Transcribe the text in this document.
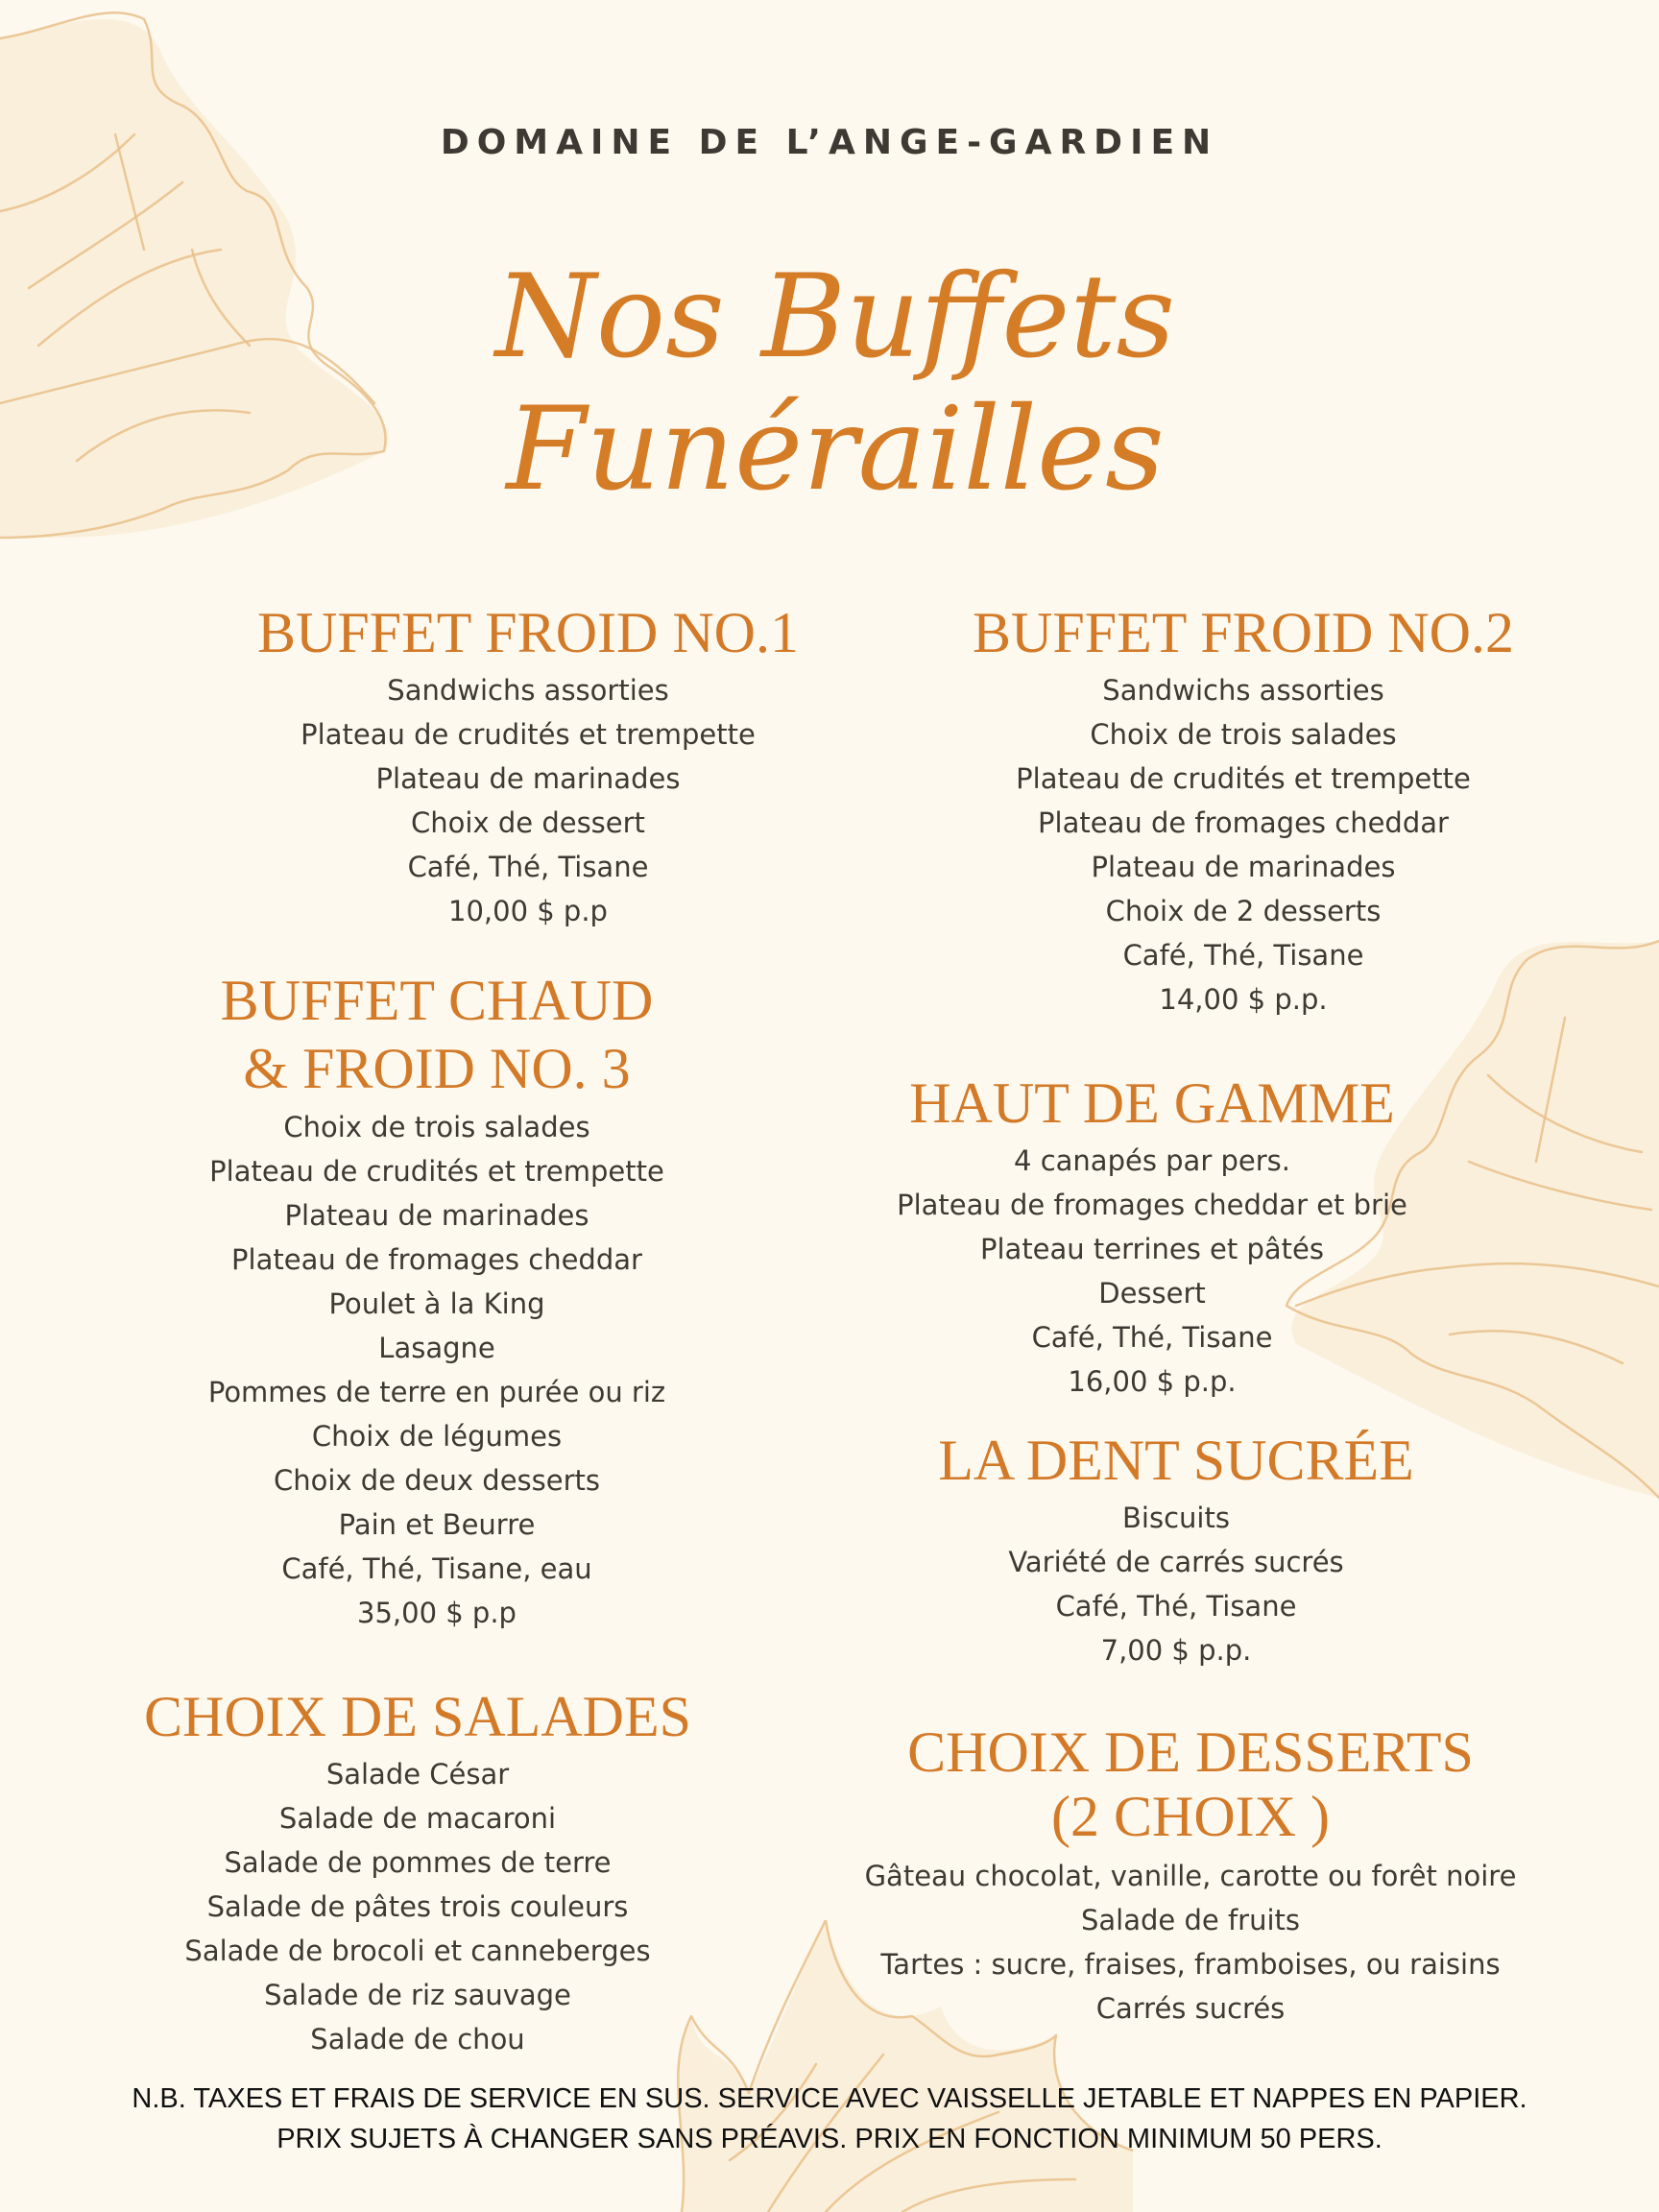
DOMAINE DE L’ANGE-GARDIEN
Nos Buffets
Funérailles
BUFFET FROID NO.1
Sandwichs assorties
Plateau de crudités et trempette
Plateau de marinades
Choix de dessert
Café, Thé, Tisane
10,00 $ p.p
BUFFET FROID NO.2
Sandwichs assorties
Choix de trois salades
Plateau de crudités et trempette
Plateau de fromages cheddar
Plateau de marinades
Choix de 2 desserts
Café, Thé, Tisane
14,00 $ p.p.
BUFFET CHAUD
& FROID NO. 3
Choix de trois salades
Plateau de crudités et trempette
Plateau de marinades
Plateau de fromages cheddar
Poulet à la King
Lasagne
Pommes de terre en purée ou riz
Choix de légumes
Choix de deux desserts
Pain et Beurre
Café, Thé, Tisane, eau
35,00 $ p.p
HAUT DE GAMME
4 canapés par pers.
Plateau de fromages cheddar et brie
Plateau terrines et pâtés
Dessert
Café, Thé, Tisane
16,00 $ p.p.
LA DENT SUCRÉE
Biscuits
Variété de carrés sucrés
Café, Thé, Tisane
7,00 $ p.p.
CHOIX DE SALADES
Salade César
Salade de macaroni
Salade de pommes de terre
Salade de pâtes trois couleurs
Salade de brocoli et canneberges
Salade de riz sauvage
Salade de chou
CHOIX DE DESSERTS
(2 CHOIX )
Gâteau chocolat, vanille, carotte ou forêt noire
Salade de fruits
Tartes : sucre, fraises, framboises, ou raisins
Carrés sucrés
N.B. TAXES ET FRAIS DE SERVICE EN SUS. SERVICE AVEC VAISSELLE JETABLE ET NAPPES EN PAPIER.
PRIX SUJETS À CHANGER SANS PRÉAVIS. PRIX EN FONCTION MINIMUM 50 PERS.
